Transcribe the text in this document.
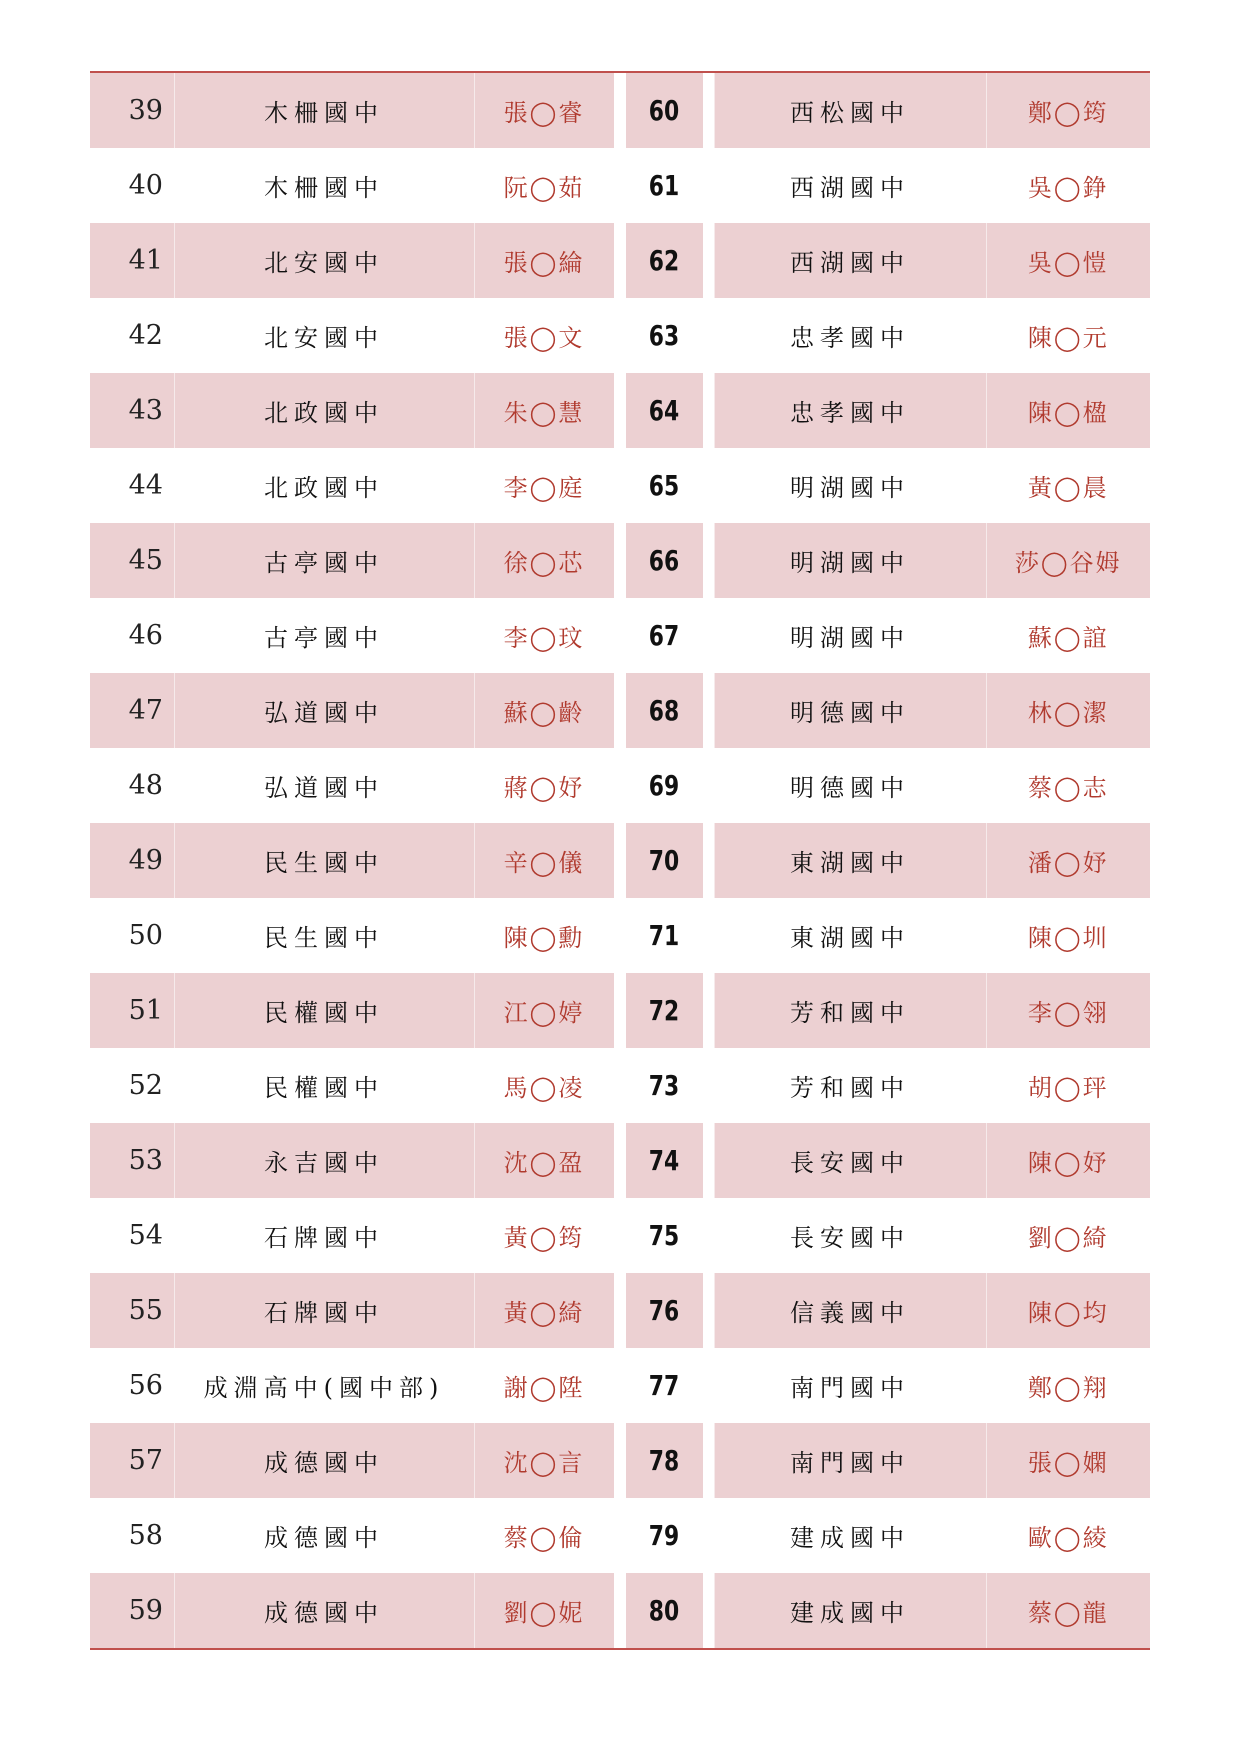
39	木柵國中	張◯睿	60	西松國中	鄭◯筠
40	木柵國中	阮◯茹	61	西湖國中	吳◯錚
41	北安國中	張◯綸	62	西湖國中	吳◯愷
42	北安國中	張◯文	63	忠孝國中	陳◯元
43	北政國中	朱◯慧	64	忠孝國中	陳◯楹
44	北政國中	李◯庭	65	明湖國中	黃◯晨
45	古亭國中	徐◯芯	66	明湖國中	莎◯谷姆
46	古亭國中	李◯玟	67	明湖國中	蘇◯誼
47	弘道國中	蘇◯齡	68	明德國中	林◯潔
48	弘道國中	蔣◯妤	69	明德國中	蔡◯志
49	民生國中	辛◯儀	70	東湖國中	潘◯妤
50	民生國中	陳◯勳	71	東湖國中	陳◯圳
51	民權國中	江◯婷	72	芳和國中	李◯翎
52	民權國中	馬◯凌	73	芳和國中	胡◯玶
53	永吉國中	沈◯盈	74	長安國中	陳◯妤
54	石牌國中	黃◯筠	75	長安國中	劉◯綺
55	石牌國中	黃◯綺	76	信義國中	陳◯均
56	成淵高中(國中部)	謝◯陞	77	南門國中	鄭◯翔
57	成德國中	沈◯言	78	南門國中	張◯嫻
58	成德國中	蔡◯倫	79	建成國中	歐◯綾
59	成德國中	劉◯妮	80	建成國中	蔡◯龍
